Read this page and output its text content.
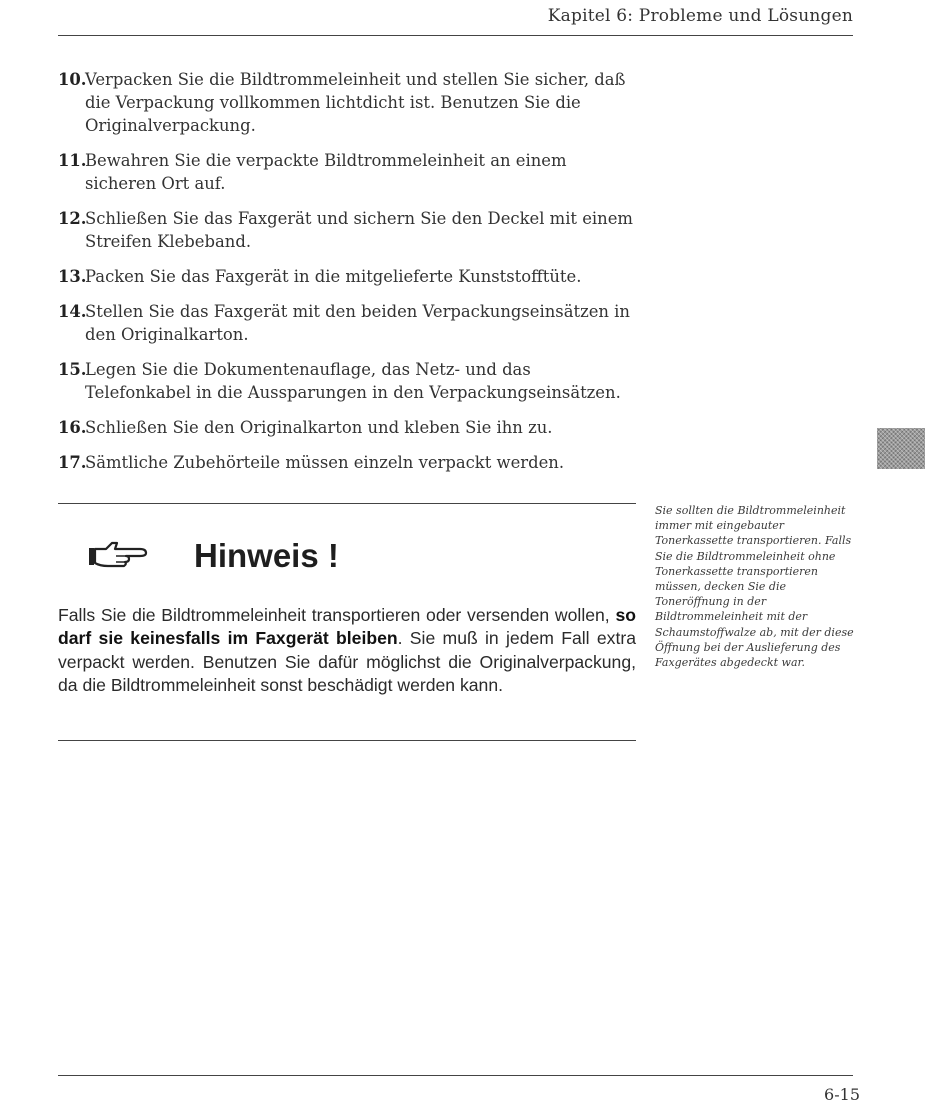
Kapitel 6: Probleme und Lösungen
10.
Verpacken Sie die Bildtrommeleinheit und stellen Sie sicher, daß die Verpackung vollkommen lichtdicht ist. Benutzen Sie die Originalverpackung.
11.
Bewahren Sie die verpackte Bildtrommeleinheit an einem sicheren Ort auf.
12.
Schließen Sie das Faxgerät und sichern Sie den Deckel mit einem Streifen Klebeband.
13.
Packen Sie das Faxgerät in die mitgelieferte Kunststofftüte.
14.
Stellen Sie das Faxgerät mit den beiden Verpackungseinsätzen in den Originalkarton.
15.
Legen Sie die Dokumentenauflage, das Netz- und das Telefonkabel in die Aussparungen in den Verpackungseinsätzen.
16.
Schließen Sie den Originalkarton und kleben Sie ihn zu.
17.
Sämtliche Zubehörteile müssen einzeln verpackt werden.
Hinweis !

Falls Sie die Bildtrommeleinheit transportieren oder versenden wollen, so darf sie keinesfalls im Faxgerät bleiben. Sie muß in jedem Fall extra verpackt werden. Benutzen Sie dafür möglichst die Originalverpackung, da die Bildtrommeleinheit sonst beschädigt werden kann.

Sie sollten die Bildtrommeleinheit immer mit eingebauter Tonerkassette transportieren. Falls Sie die Bildtrommeleinheit ohne Tonerkassette transportieren müssen, decken Sie die Toneröffnung in der Bildtrommeleinheit mit der Schaumstoffwalze ab, mit der diese Öffnung bei der Auslieferung des Faxgerätes abgedeckt war.

6-15
